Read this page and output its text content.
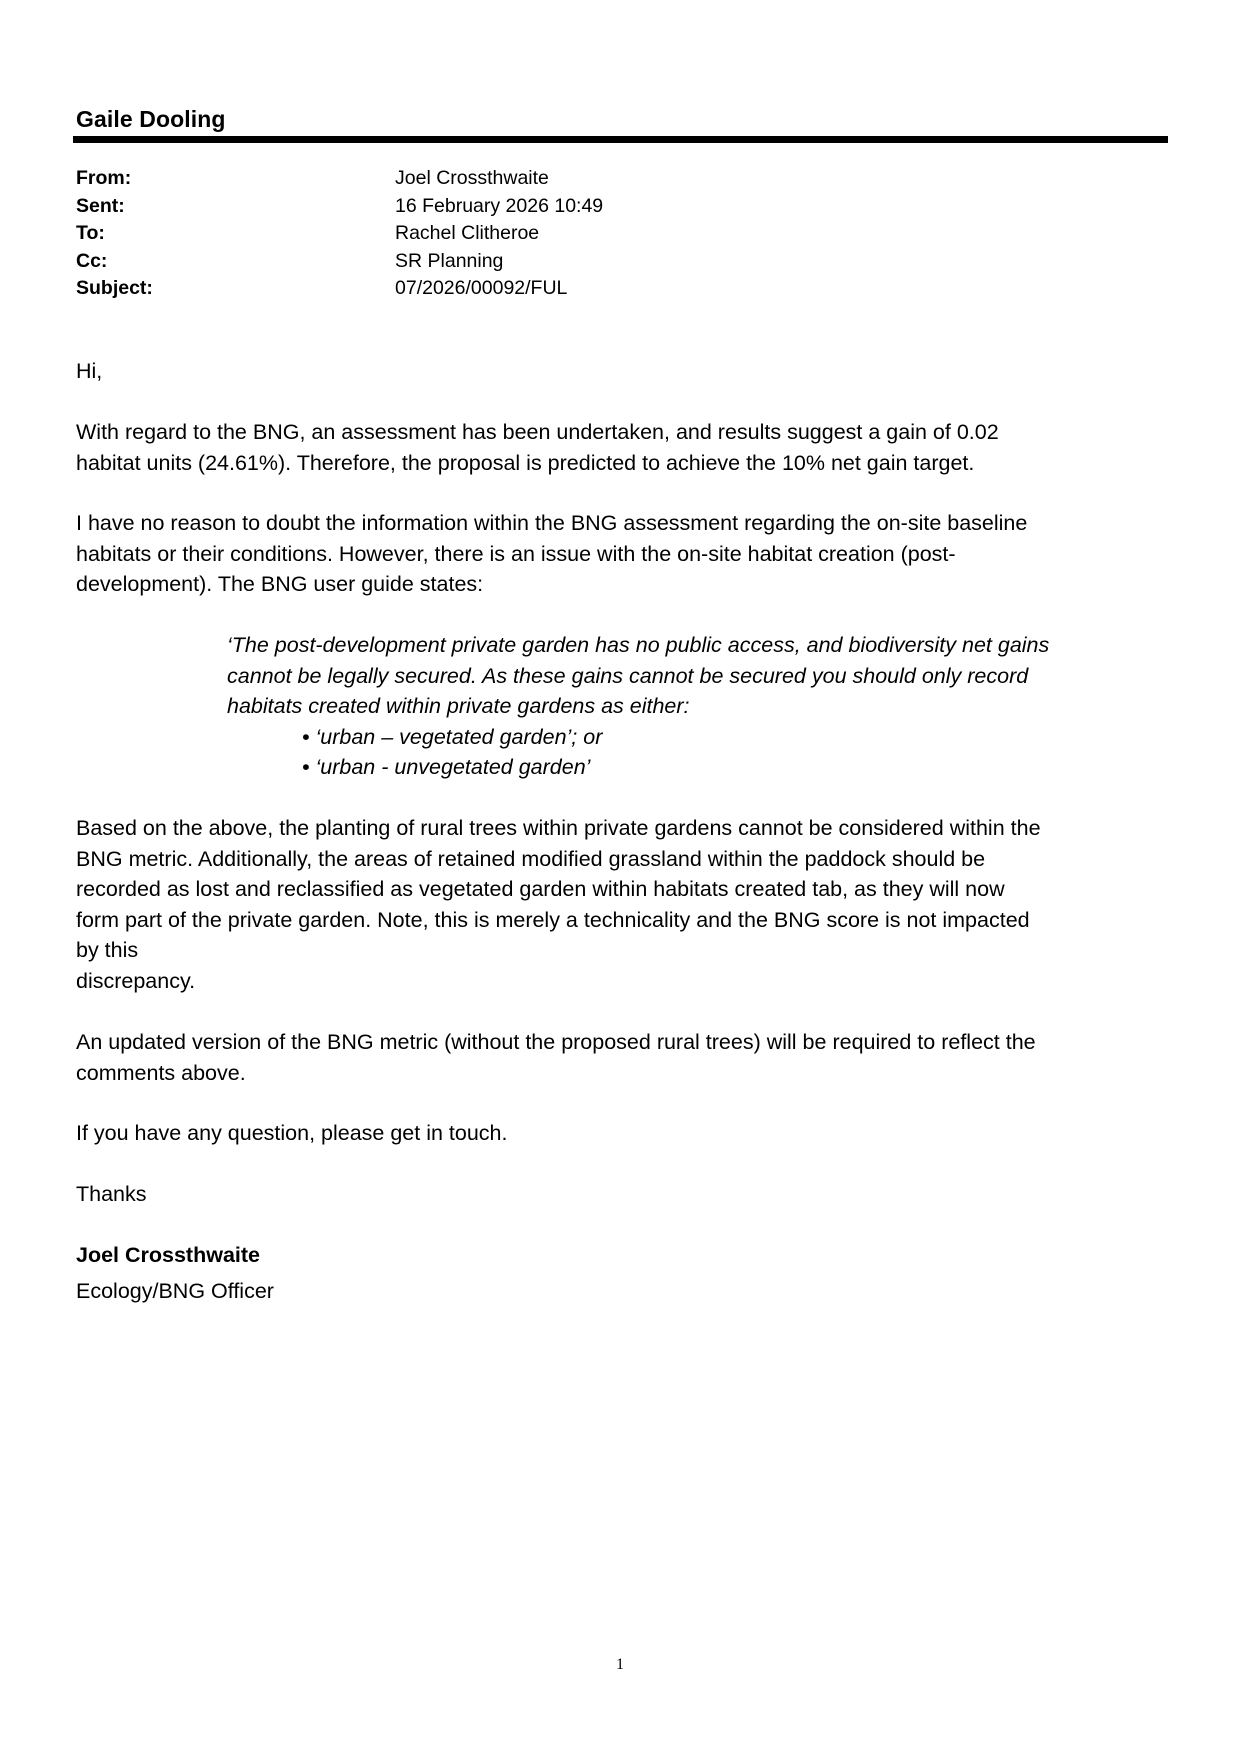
Gaile Dooling
From:	Joel Crossthwaite
Sent:	16 February 2026 10:49
To:	Rachel Clitheroe
Cc:	SR Planning
Subject:	07/2026/00092/FUL
Hi,
With regard to the BNG, an assessment has been undertaken, and results suggest a gain of 0.02
habitat units (24.61%). Therefore, the proposal is predicted to achieve the 10% net gain target.
I have no reason to doubt the information within the BNG assessment regarding the on-site baseline
habitats or their conditions. However, there is an issue with the on-site habitat creation (post-
development). The BNG user guide states:
‘The post-development private garden has no public access, and biodiversity net gains
cannot be legally secured. As these gains cannot be secured you should only record
habitats created within private gardens as either:
• ‘urban – vegetated garden’; or
• ‘urban - unvegetated garden’
Based on the above, the planting of rural trees within private gardens cannot be considered within the
BNG metric. Additionally, the areas of retained modified grassland within the paddock should be
recorded as lost and reclassified as vegetated garden within habitats created tab, as they will now
form part of the private garden. Note, this is merely a technicality and the BNG score is not impacted
by this
discrepancy.
An updated version of the BNG metric (without the proposed rural trees) will be required to reflect the
comments above.
If you have any question, please get in touch.
Thanks
Joel Crossthwaite
Ecology/BNG Officer
1
